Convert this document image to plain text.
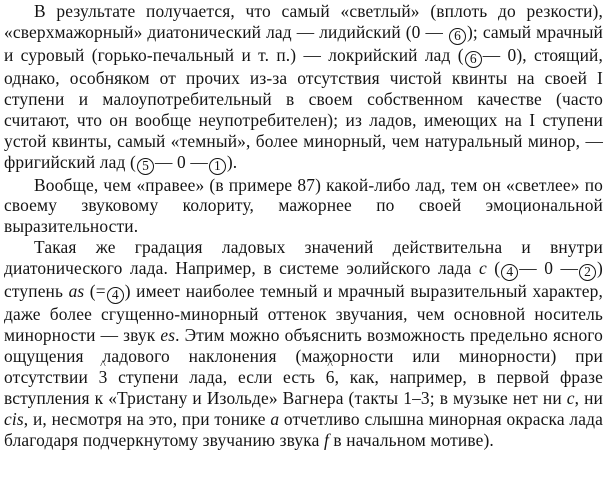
В результате получается, что самый «светлый» (вплоть до резкости), «сверхмажорный» диатонический лад — лидийский (0 — 6 ); самый мрачный и суровый (горько-печальный и т. п.) — локрийский лад ( 6 — 0), стоящий, однако, особняком от прочих из-за отсутствия чистой квинты на своей I ступени и малоупотребительный в своем собственном качестве (часто считают, что он вообще неупотребителен); из ладов, имеющих на I ступени устой квинты, самый «темный», более минорный, чем натуральный минор, — фригийский лад ( 5 — 0 — 1 ).

Вообще, чем «правее» (в примере 87) какой-либо лад, тем он «светлее» по своему звуковому колориту, мажорнее по своей эмоциональной выразительности.

Такая же градация ладовых значений действительна и внутри диатонического лада. Например, в системе эолийского лада c ( 4 — 0 — 2 ) ступень as (= 4 ) имеет наиболее темный и мрачный выразительный характер, даже более сгущенно-минорный оттенок звучания, чем основной носитель минорности — звук es. Этим можно объяснить возможность предельно ясного ощущения ладового наклонения (мажорности или минорности) при отсутствии ^ 3 ступени лада, если есть ^ 6, как, например, в первой фразе вступления к «Тристану и Изольде» Вагнера (такты 1–3; в музыке нет ни c, ни cis, и, несмотря на это, при тонике a отчетливо слышна минорная окраска лада благодаря подчеркнутому звучанию звука f в начальном мотиве).
